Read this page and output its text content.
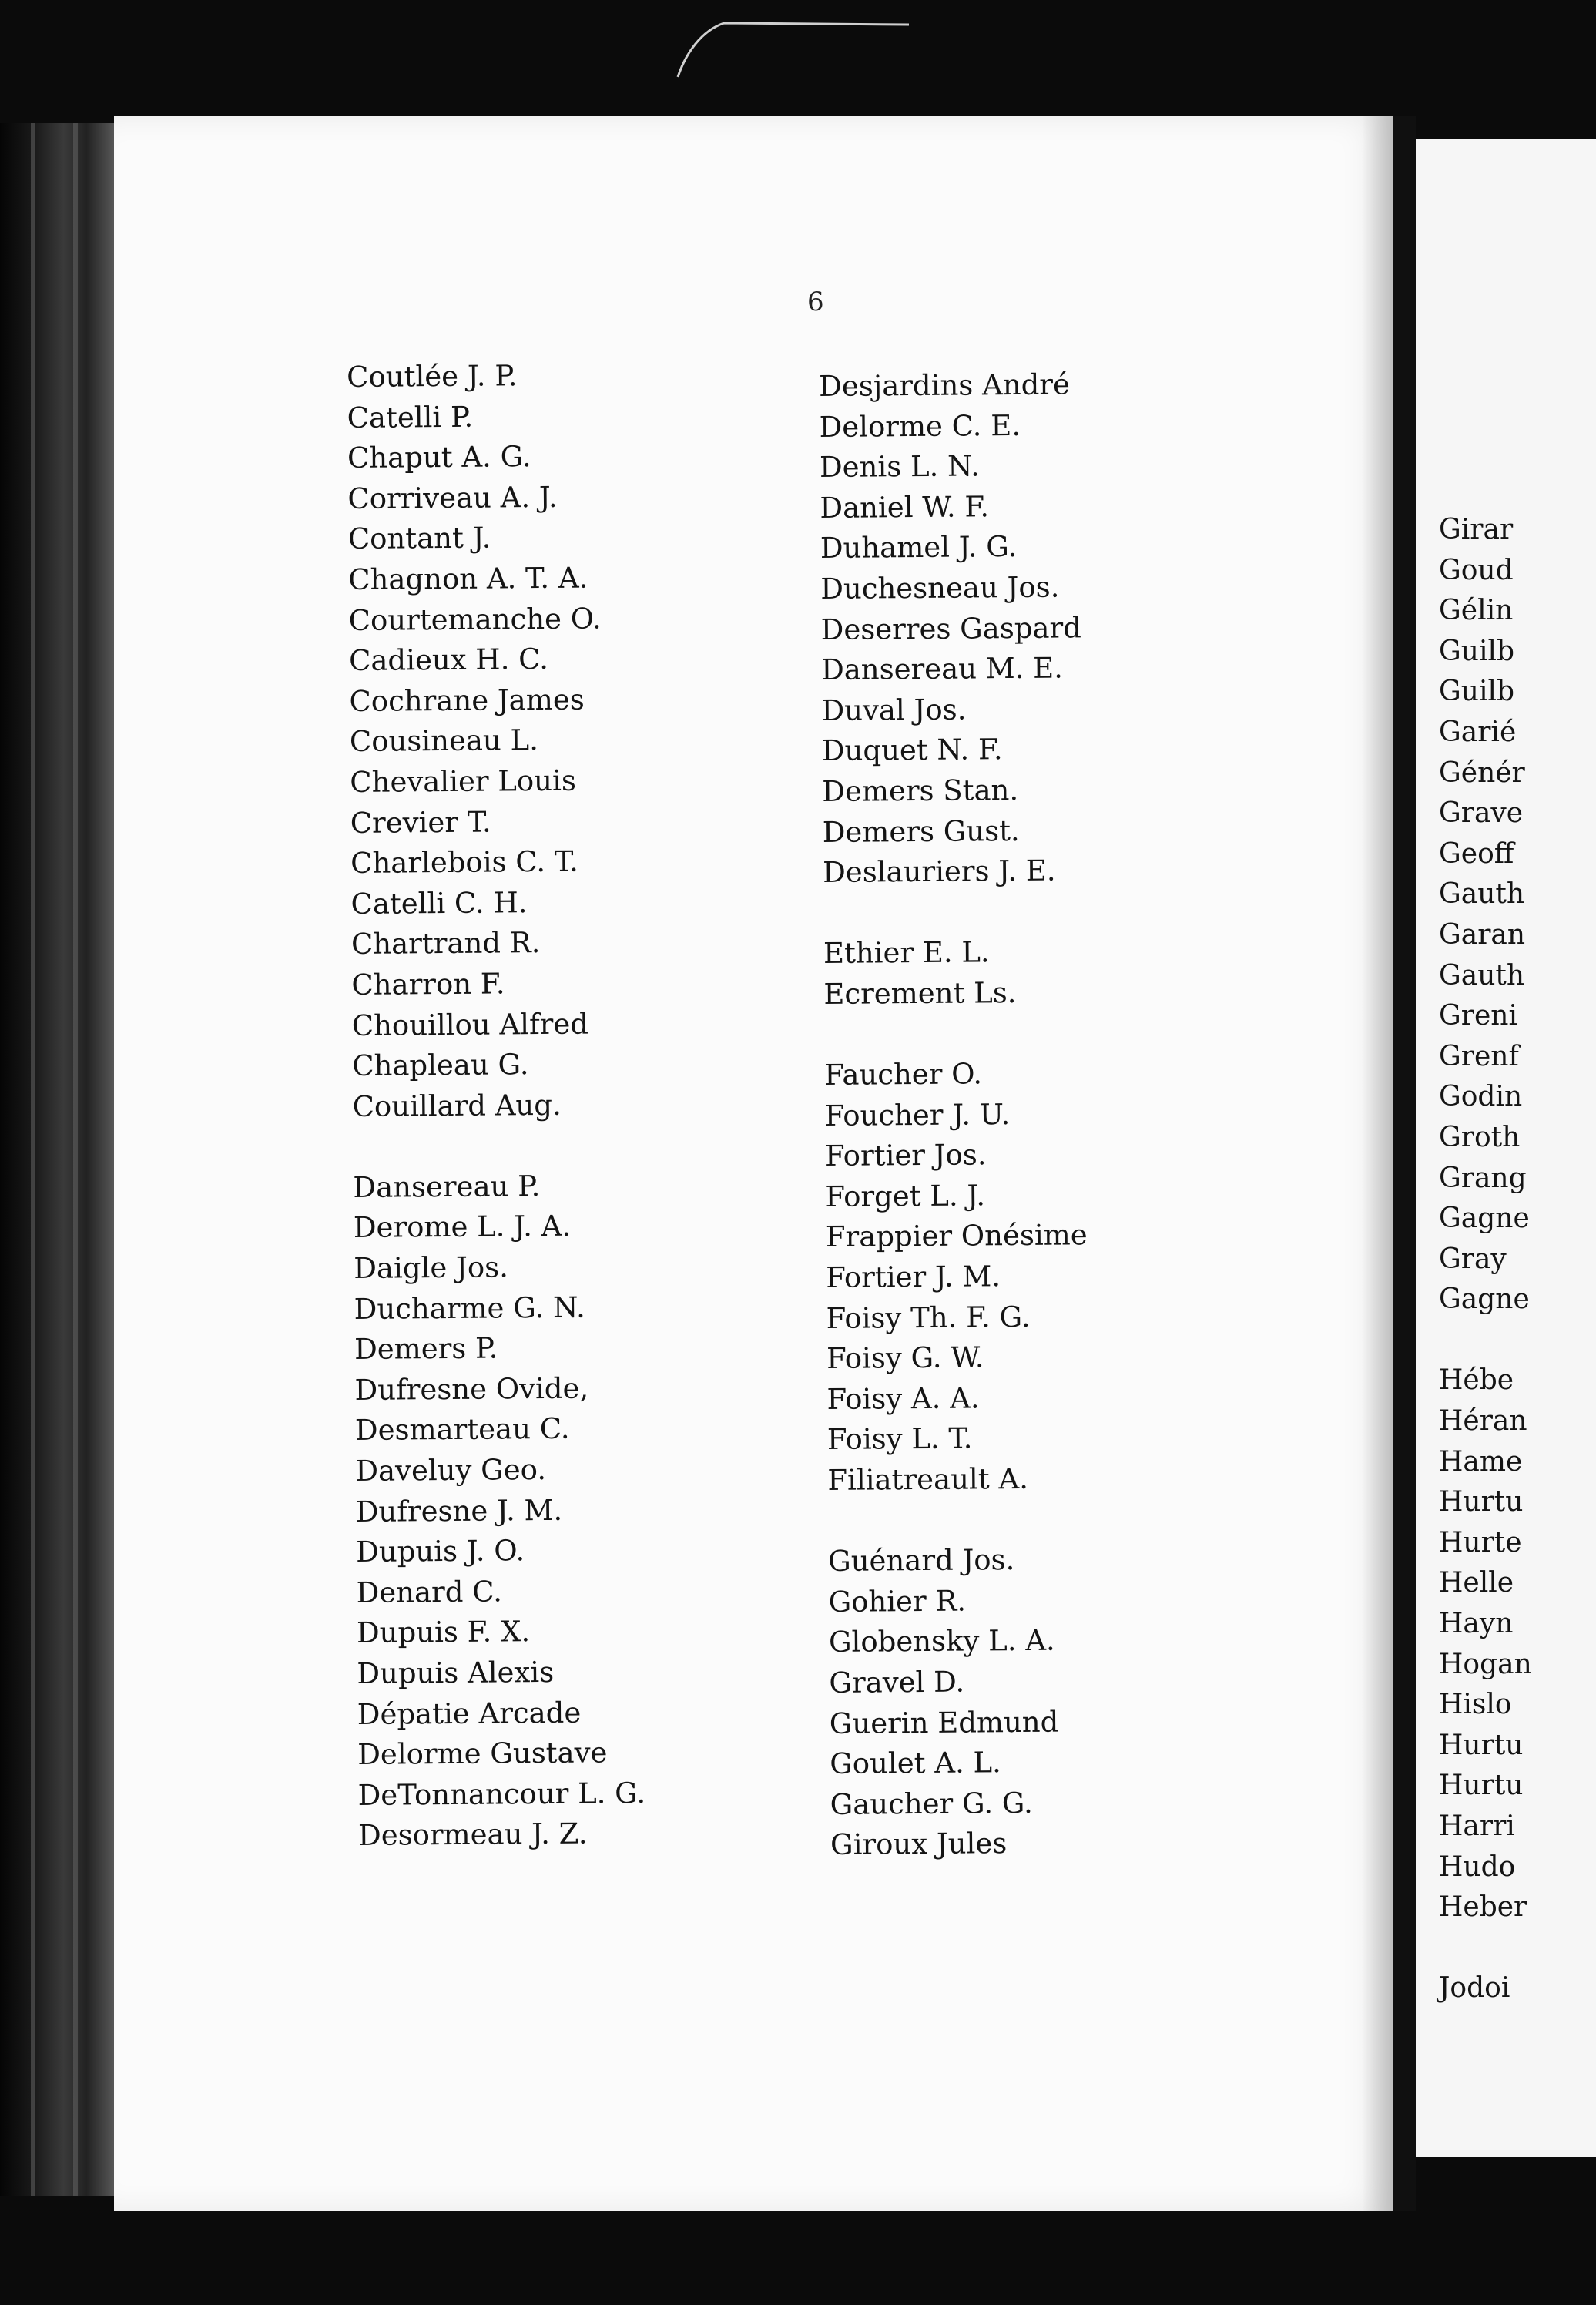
6
Girar
Goud
Gélin
Guilb
Guilb
Garié
Génér
Grave
Geoff
Gauth
Garan
Gauth
Greni
Grenf
Godin
Groth
Grang
Gagne
Gray
Gagne
Hébe
Héran
Hame
Hurtu
Hurte
Helle
Hayn
Hogan
Hislo
Hurtu
Hurtu
Harri
Hudo
Heber
Jodoi
Coutlée J. P.
Catelli P.
Chaput A. G.
Corriveau A. J.
Contant J.
Chagnon A. T. A.
Courtemanche O.
Cadieux H. C.
Cochrane James
Cousineau L.
Chevalier Louis
Crevier T.
Charlebois C. T.
Catelli C. H.
Chartrand R.
Charron F.
Chouillou Alfred
Chapleau G.
Couillard Aug.
Dansereau P.
Derome L. J. A.
Daigle Jos.
Ducharme G. N.
Demers P.
Dufresne Ovide,
Desmarteau C.
Daveluy Geo.
Dufresne J. M.
Dupuis J. O.
Denard C.
Dupuis F. X.
Dupuis Alexis
Dépatie Arcade
Delorme Gustave
DeTonnancour L. G.
Desormeau J. Z.
Desjardins André
Delorme C. E.
Denis L. N.
Daniel W. F.
Duhamel J. G.
Duchesneau Jos.
Deserres Gaspard
Dansereau M. E.
Duval Jos.
Duquet N. F.
Demers Stan.
Demers Gust.
Deslauriers J. E.
Ethier E. L.
Ecrement Ls.
Faucher O.
Foucher J. U.
Fortier Jos.
Forget L. J.
Frappier Onésime
Fortier J. M.
Foisy Th. F. G.
Foisy G. W.
Foisy A. A.
Foisy L. T.
Filiatreault A.
Guénard Jos.
Gohier R.
Globensky L. A.
Gravel D.
Guerin Edmund
Goulet A. L.
Gaucher G. G.
Giroux Jules
